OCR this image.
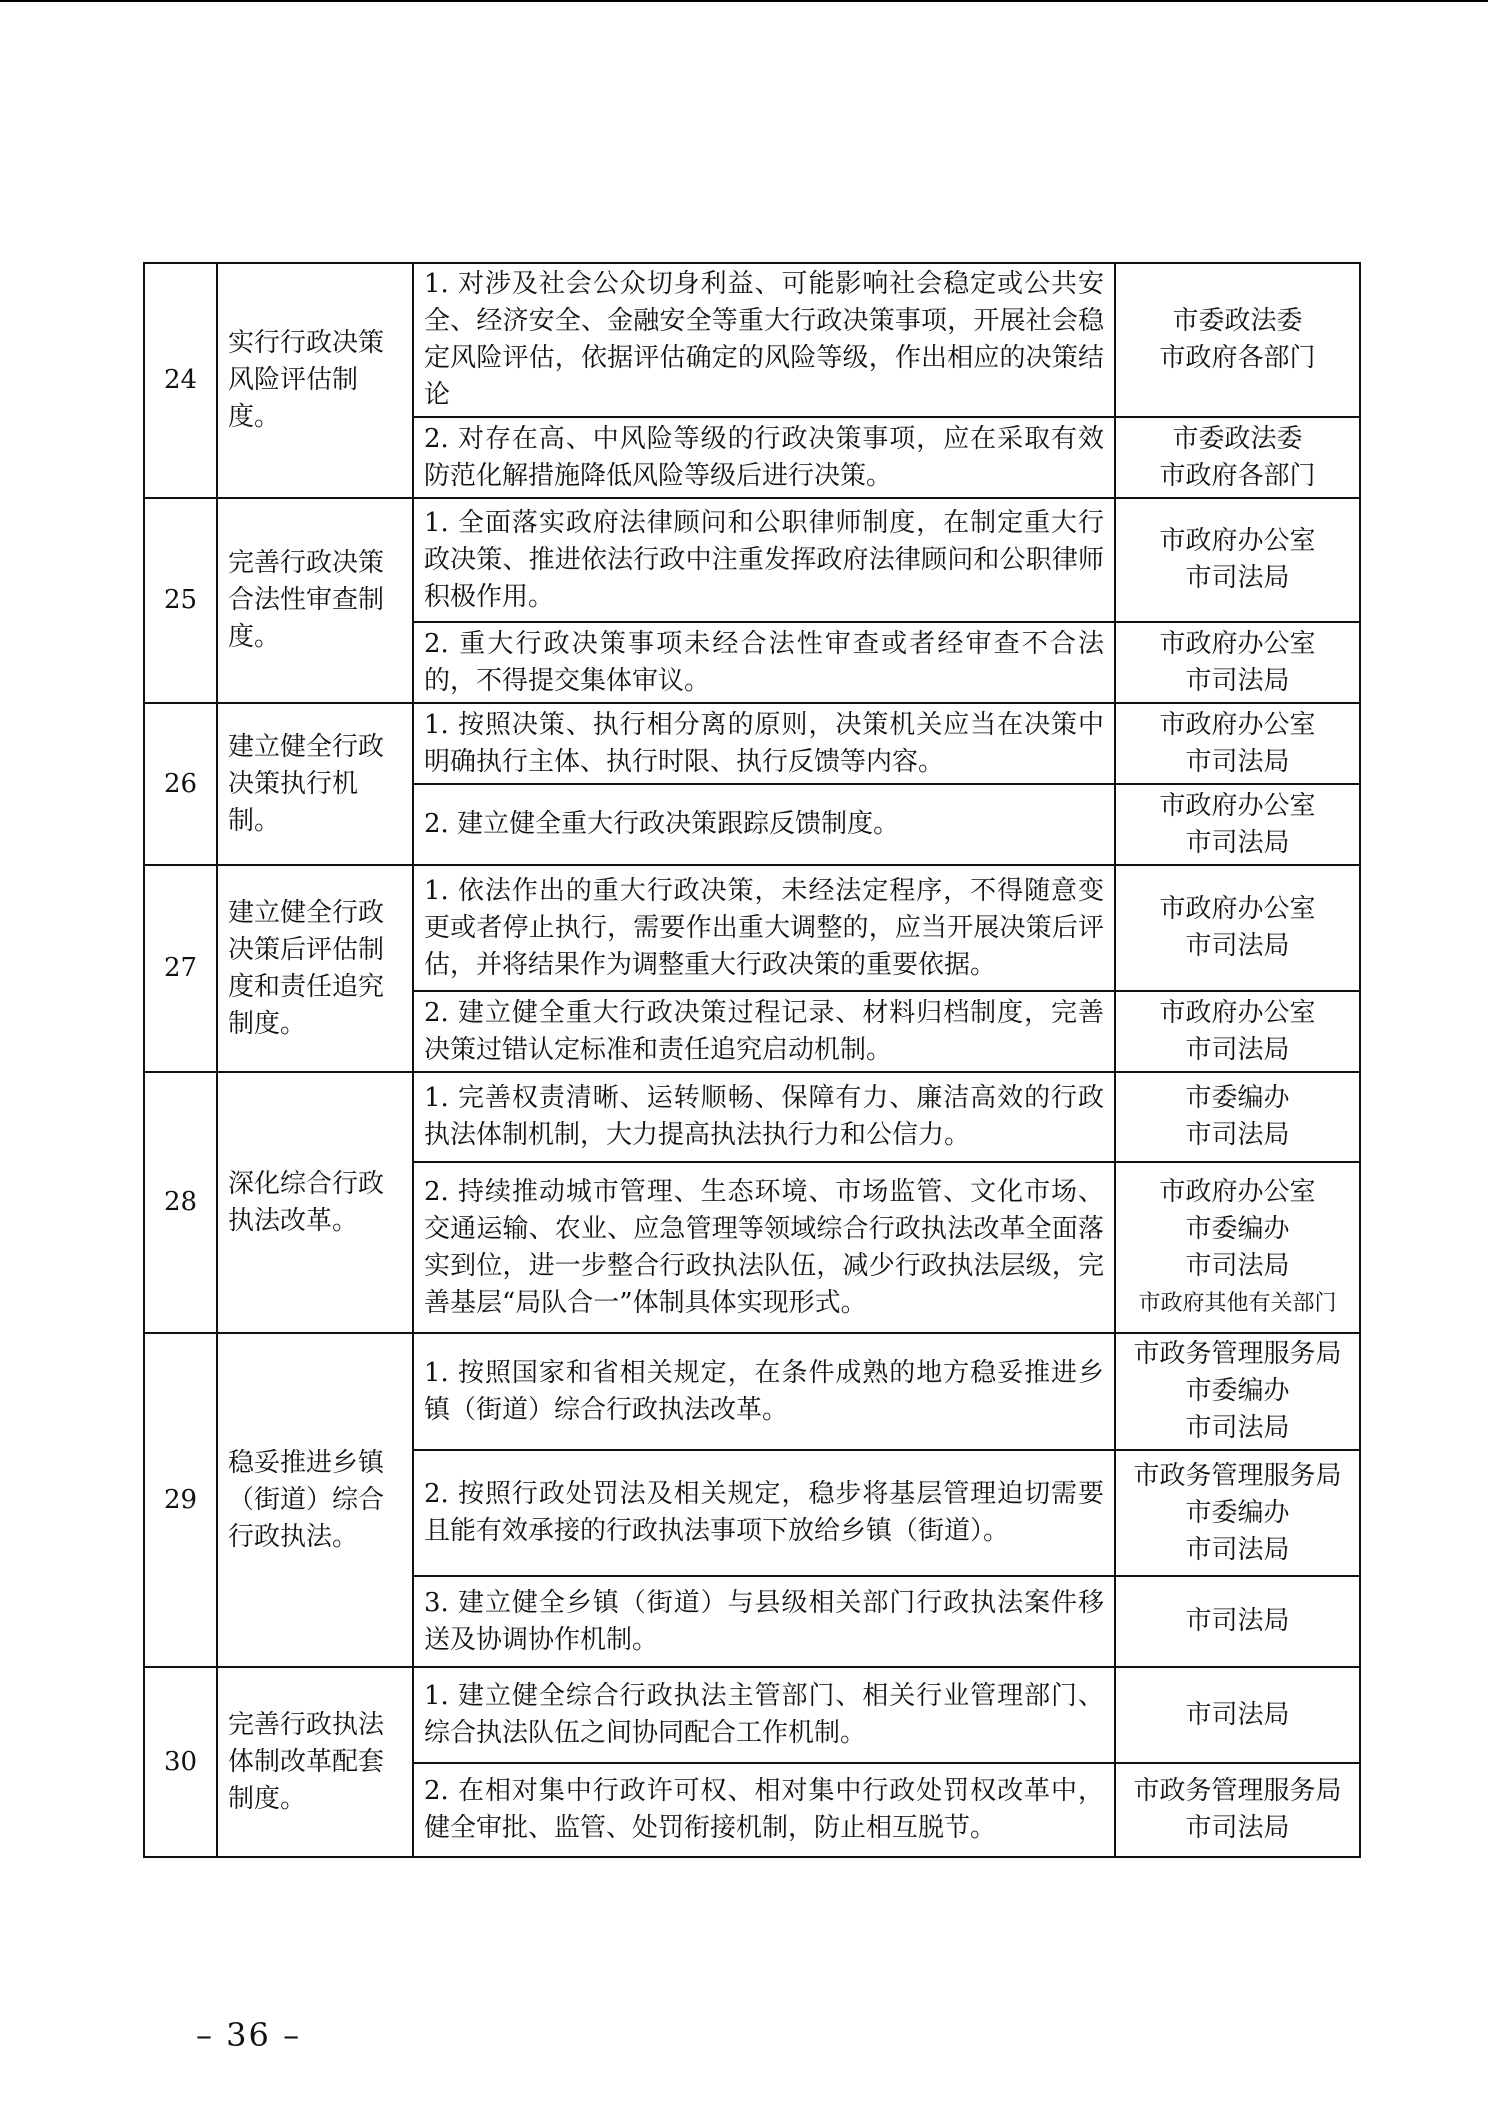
24	实行行政决策风险评估制度。	1. 对涉及社会公众切身利益、可能影响社会稳定或公共安全、经济安全、金融安全等重大行政决策事项，开展社会稳定风险评估，依据评估确定的风险等级，作出相应的决策结论	市委政法委
市政府各部门

		2. 对存在高、中风险等级的行政决策事项，应在采取有效防范化解措施降低风险等级后进行决策。	市委政法委
市政府各部门

25	完善行政决策合法性审查制度。	1. 全面落实政府法律顾问和公职律师制度，在制定重大行政决策、推进依法行政中注重发挥政府法律顾问和公职律师积极作用。	市政府办公室
市司法局

		2. 重大行政决策事项未经合法性审查或者经审查不合法的，不得提交集体审议。	市政府办公室
市司法局

26	建立健全行政决策执行机制。	1. 按照决策、执行相分离的原则，决策机关应当在决策中明确执行主体、执行时限、执行反馈等内容。	市政府办公室
市司法局

		2. 建立健全重大行政决策跟踪反馈制度。	市政府办公室
市司法局

27	建立健全行政决策后评估制度和责任追究制度。	1. 依法作出的重大行政决策，未经法定程序，不得随意变更或者停止执行，需要作出重大调整的，应当开展决策后评估，并将结果作为调整重大行政决策的重要依据。	市政府办公室
市司法局

		2. 建立健全重大行政决策过程记录、材料归档制度，完善决策过错认定标准和责任追究启动机制。	市政府办公室
市司法局

28	深化综合行政执法改革。	1. 完善权责清晰、运转顺畅、保障有力、廉洁高效的行政执法体制机制，大力提高执法执行力和公信力。	市委编办
市司法局

		2. 持续推动城市管理、生态环境、市场监管、文化市场、交通运输、农业、应急管理等领域综合行政执法改革全面落实到位，进一步整合行政执法队伍，减少行政执法层级，完善基层“局队合一”体制具体实现形式。	市政府办公室
市委编办
市司法局
市政府其他有关部门

29	稳妥推进乡镇（街道）综合行政执法。	1. 按照国家和省相关规定，在条件成熟的地方稳妥推进乡镇（街道）综合行政执法改革。	市政务管理服务局
市委编办
市司法局

		2. 按照行政处罚法及相关规定，稳步将基层管理迫切需要且能有效承接的行政执法事项下放给乡镇（街道）。	市政务管理服务局
市委编办
市司法局

		3. 建立健全乡镇（街道）与县级相关部门行政执法案件移送及协调协作机制。	市司法局

30	完善行政执法体制改革配套制度。	1. 建立健全综合行政执法主管部门、相关行业管理部门、综合执法队伍之间协同配合工作机制。	市司法局

		2. 在相对集中行政许可权、相对集中行政处罚权改革中，健全审批、监管、处罚衔接机制，防止相互脱节。	市政务管理服务局
市司法局
– 36 –
